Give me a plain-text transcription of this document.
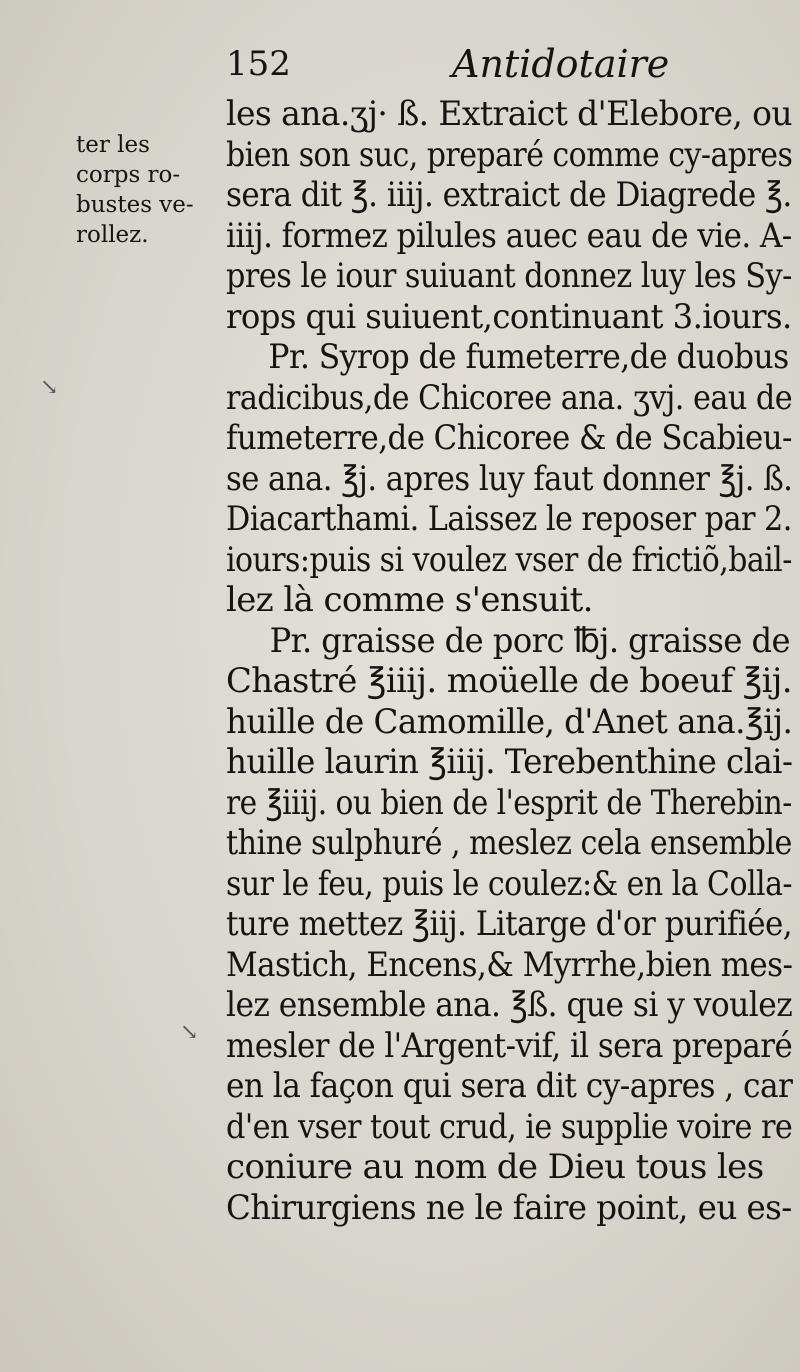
152	Antidotaire
ter les
corps ro-
bustes ve-
rollez.
les ana.ʒj· ß. Extraict d'Elebore, ou
bien son suc, preparé comme cy-apres
sera dit ℥. iiij. extraict de Diagrede ℥.
iiij. formez pilules auec eau de vie. A-
pres le iour suiuant donnez luy les Sy-
rops qui suiuent,continuant 3.iours.
Pr. Syrop de fumeterre,de duobus
radicibus,de Chicoree ana. ʒvj. eau de
fumeterre,de Chicoree & de Scabieu-
se ana. ℥j. apres luy faut donner ℥j. ß.
Diacarthami. Laissez le reposer par 2.
iours:puis si voulez vser de frictiõ,bail-
lez là comme s'ensuit.
Pr. graisse de porc ℔j. graisse de
Chastré ℥iiij. moüelle de boeuf ℥ij.
huille de Camomille, d'Anet ana.℥ij.
huille laurin ℥iiij. Terebenthine clai-
re ℥iiij. ou bien de l'esprit de Therebin-
thine sulphuré , meslez cela ensemble
sur le feu, puis le coulez:& en la Colla-
ture mettez ℥iij. Litarge d'or purifiée,
Mastich, Encens,& Myrrhe,bien mes-
lez ensemble ana. ℥ß. que si y voulez
mesler de l'Argent-vif, il sera preparé
en la façon qui sera dit cy-apres , car
d'en vser tout crud, ie supplie voire re
coniure au nom de Dieu tous les
Chirurgiens ne le faire point, eu es-
↘
↘
